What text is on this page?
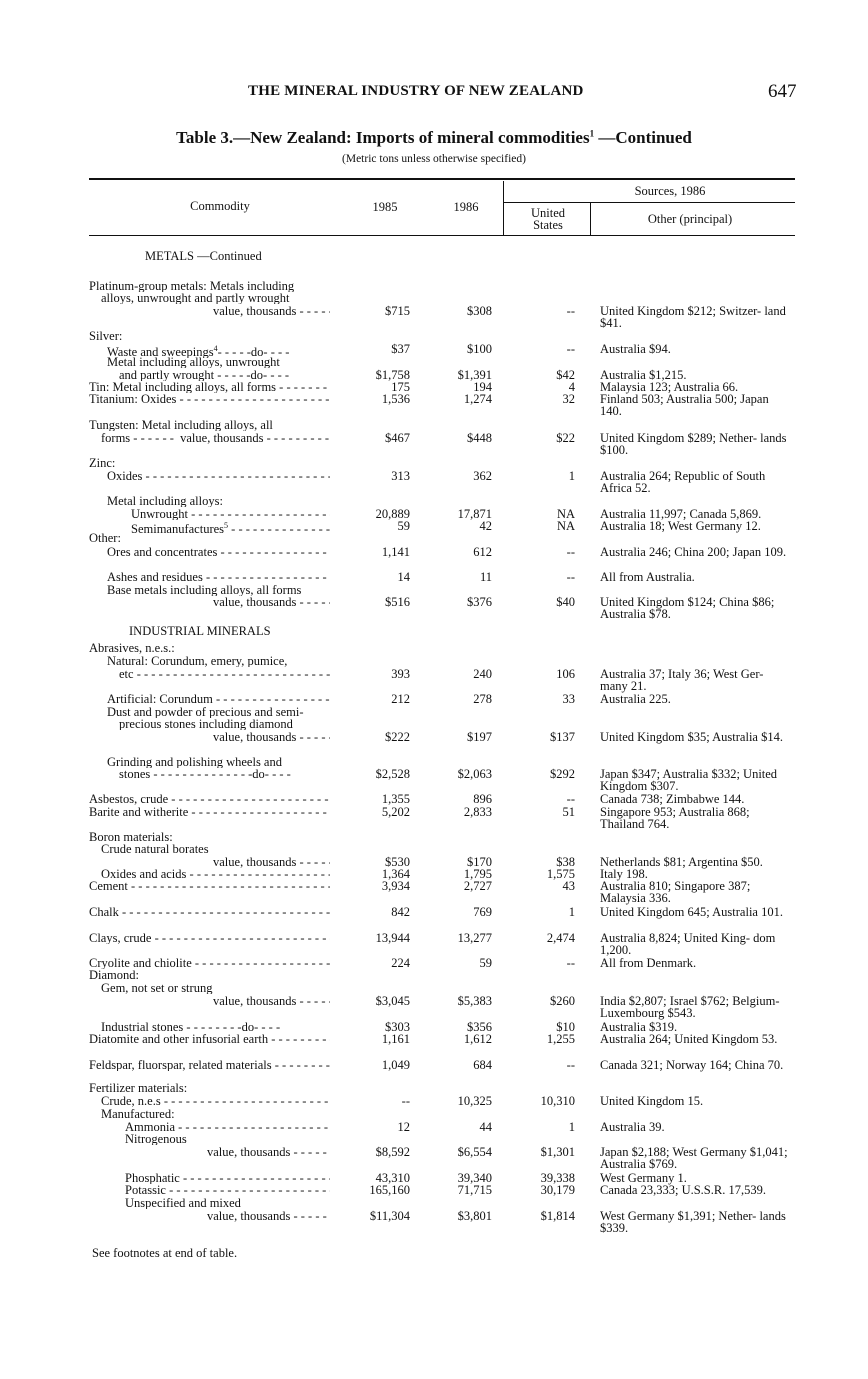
THE MINERAL INDUSTRY OF NEW ZEALAND	647
Table 3.—New Zealand: Imports of mineral commodities$^1$ —Continued
(Metric tons unless otherwise specified)
Commodity	1985	1986
Sources, 1986
United States	Other (principal)
METALS —Continued
Platinum-group metals: Metals including
alloys, unwrought and partly wrought
value, thousands - - -	$715	$308	-- United Kingdom $212; Switzer- land $41.
Silver:
Waste and sweepings$^4$- - - - -do- - - -	$37	$100	-- Australia $94.
Metal including alloys, unwrought
and partly wrought - - - - -do- - - -	$1,758	$1,391	$42 Australia $1,215.
Tin: Metal including alloys, all forms - - -	175	194	4 Malaysia 123; Australia 66.
Titanium: Oxides - - -	1,536	1,274	32 Finland 503; Australia 500; Japan 140.
Tungsten: Metal including alloys, all
forms - - - - - -  value, thousands - - -	$467	$448	$22 United Kingdom $289; Nether- lands $100.
Zinc:
Oxides - - -	313	362	1 Australia 264; Republic of South Africa 52.
Metal including alloys:
Unwrought - - -	20,889	17,871	NA Australia 11,997; Canada 5,869.
Semimanufactures$^5$ - - -	59	42	NA Australia 18; West Germany 12.
Other:
Ores and concentrates - - -	1,141	612	-- Australia 246; China 200; Japan 109.
Ashes and residues - - -	14	11	-- All from Australia.
Base metals including alloys, all forms
value, thousands - - -	$516	$376	$40 United Kingdom $124; China $86; Australia $78.
INDUSTRIAL MINERALS
Abrasives, n.e.s.:
Natural: Corundum, emery, pumice,
etc - - -	393	240	106 Australia 37; Italy 36; West Ger- many 21.
Artificial: Corundum - - -	212	278	33 Australia 225.
Dust and powder of precious and semi-
precious stones including diamond
value, thousands - - -	$222	$197	$137 United Kingdom $35; Australia $14.
Grinding and polishing wheels and
stones - - - - - - - - - - - - - -do- - - -	$2,528	$2,063	$292 Japan $347; Australia $332; United Kingdom $307.
Asbestos, crude - - -	1,355	896	-- Canada 738; Zimbabwe 144.
Barite and witherite - - -	5,202	2,833	51 Singapore 953; Australia 868; Thailand 764.
Boron materials:
Crude natural borates
value, thousands - - -	$530	$170	$38 Netherlands $81; Argentina $50.
Oxides and acids - - -	1,364	1,795	1,575 Italy 198.
Cement - - -	3,934	2,727	43 Australia 810; Singapore 387; Malaysia 336.
Chalk - - -	842	769	1 United Kingdom 645; Australia 101.
Clays, crude - - -	13,944	13,277	2,474 Australia 8,824; United King- dom 1,200.
Cryolite and chiolite - - -	224	59	-- All from Denmark.
Diamond:
Gem, not set or strung
value, thousands - - -	$3,045	$5,383	$260 India $2,807; Israel $762; Belgium-Luxembourg $543.
Industrial stones - - - - - - - -do- - - -	$303	$356	$10 Australia $319.
Diatomite and other infusorial earth - - -	1,161	1,612	1,255 Australia 264; United Kingdom 53.
Feldspar, fluorspar, related materials - - -	1,049	684	-- Canada 321; Norway 164; China 70.
Fertilizer materials:
Crude, n.e.s - - -	--	10,325	10,310 United Kingdom 15.
Manufactured:
Ammonia - - -	12	44	1 Australia 39.
Nitrogenous
value, thousands - - -	$8,592	$6,554	$1,301 Japan $2,188; West Germany $1,041; Australia $769.
Phosphatic - - -	43,310	39,340	39,338 West Germany 1.
Potassic - - -	165,160	71,715	30,179 Canada 23,333; U.S.S.R. 17,539.
Unspecified and mixed
value, thousands - - -	$11,304	$3,801	$1,814 West Germany $1,391; Nether- lands $339.
See footnotes at end of table.
